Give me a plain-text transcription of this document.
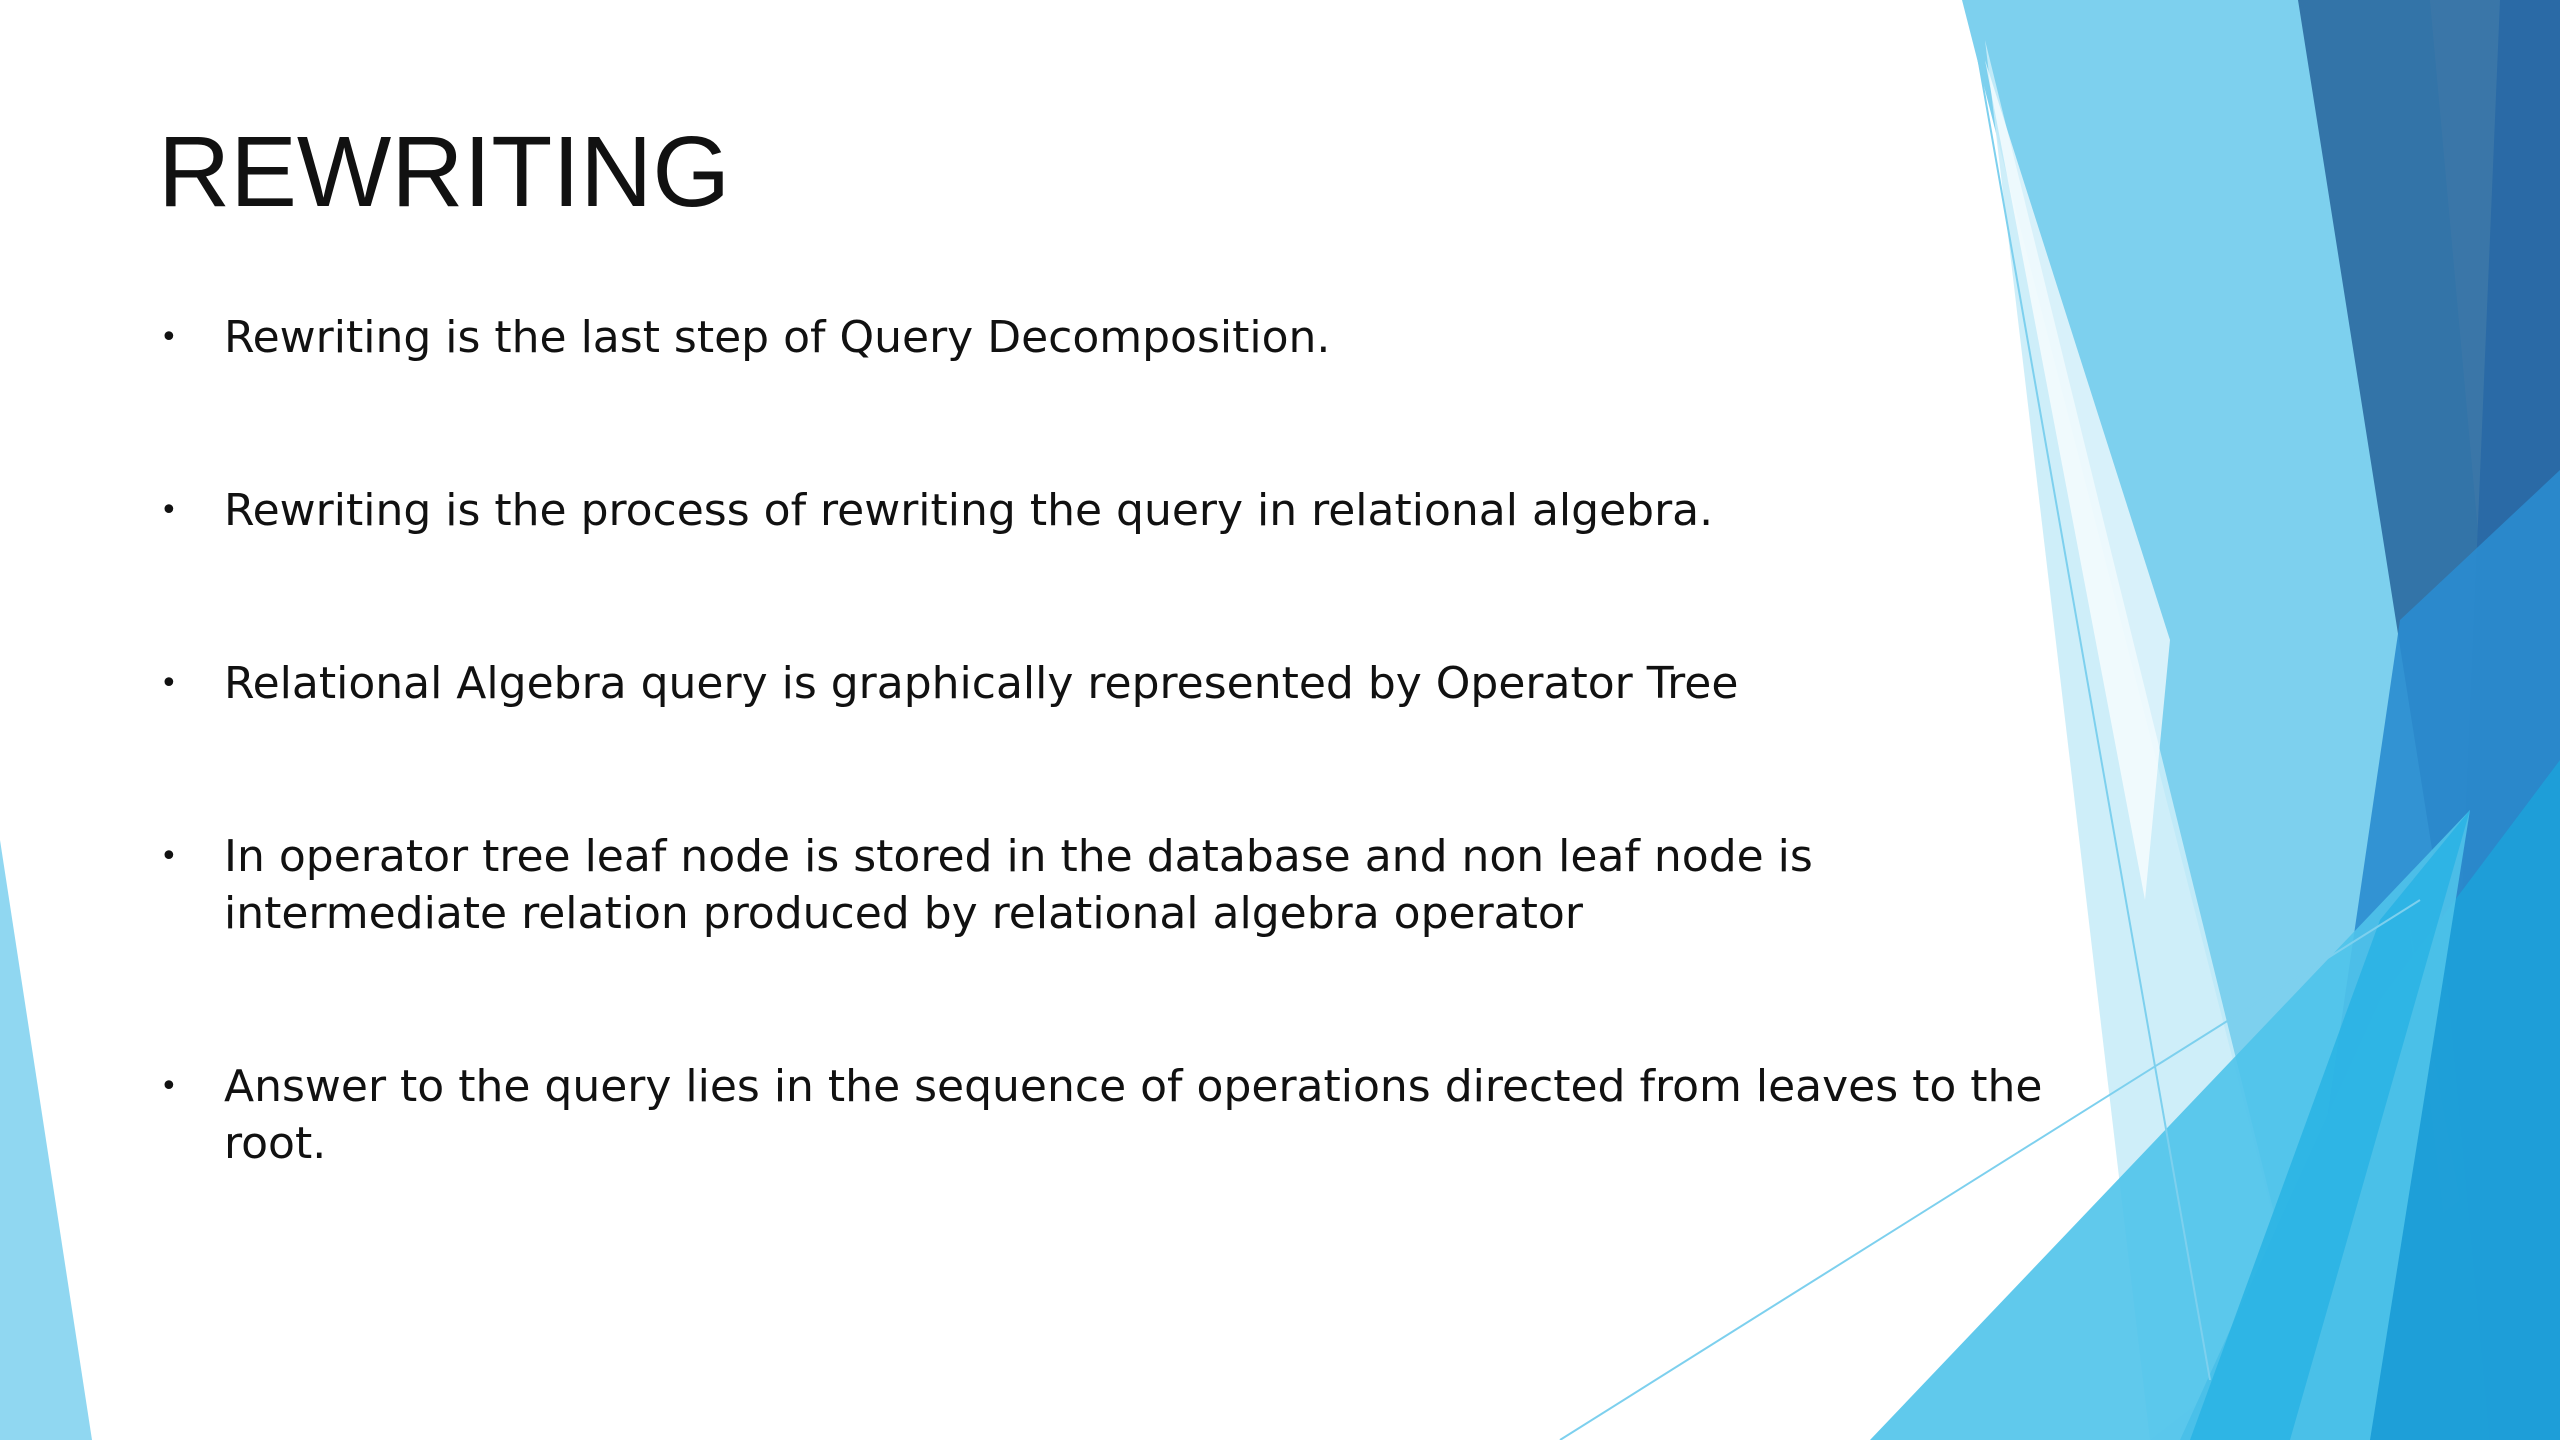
REWRITING
• Rewriting is the last step of Query Decomposition.
• Rewriting is the process of rewriting the query in relational algebra.
• Relational Algebra query is graphically represented by Operator Tree
• In operator tree leaf node is stored in the database and non leaf node is intermediate relation produced by relational algebra operator
• Answer to the query lies in the sequence of operations directed from leaves to the root.
